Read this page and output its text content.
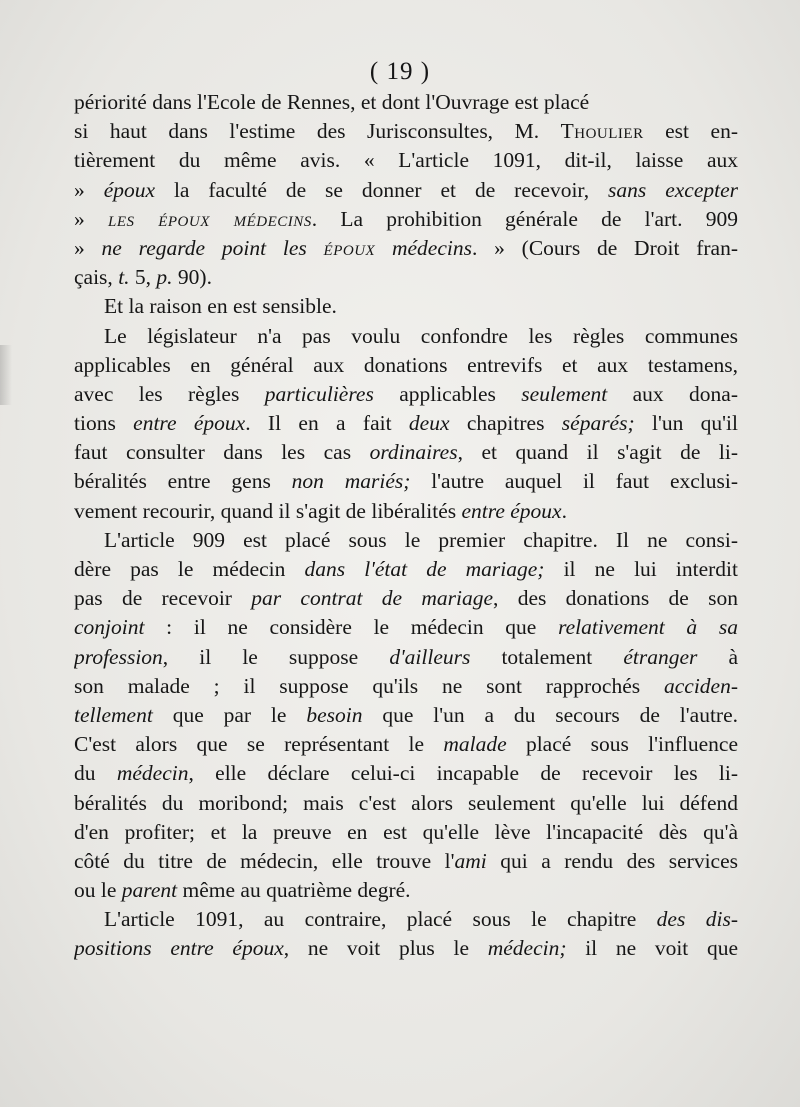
( 19 )
périorité dans l'Ecole de Rennes, et dont l'Ouvrage est placé
si haut dans l'estime des Jurisconsultes, M. Thoulier est en-
tièrement du même avis. « L'article 1091, dit-il, laisse aux
» époux la faculté de se donner et de recevoir, sans excepter
» les époux médecins. La prohibition générale de l'art. 909
» ne regarde point les époux médecins. » (Cours de Droit fran-
çais, t. 5, p. 90).
Et la raison en est sensible.
Le législateur n'a pas voulu confondre les règles communes
applicables en général aux donations entrevifs et aux testamens,
avec les règles particulières applicables seulement aux dona-
tions entre époux. Il en a fait deux chapitres séparés; l'un qu'il
faut consulter dans les cas ordinaires, et quand il s'agit de li-
béralités entre gens non mariés; l'autre auquel il faut exclusi-
vement recourir, quand il s'agit de libéralités entre époux.
L'article 909 est placé sous le premier chapitre. Il ne consi-
dère pas le médecin dans l'état de mariage; il ne lui interdit
pas de recevoir par contrat de mariage, des donations de son
conjoint : il ne considère le médecin que relativement à sa
profession, il le suppose d'ailleurs totalement étranger à
son malade ; il suppose qu'ils ne sont rapprochés acciden-
tellement que par le besoin que l'un a du secours de l'autre.
C'est alors que se représentant le malade placé sous l'influence
du médecin, elle déclare celui-ci incapable de recevoir les li-
béralités du moribond; mais c'est alors seulement qu'elle lui défend
d'en profiter; et la preuve en est qu'elle lève l'incapacité dès qu'à
côté du titre de médecin, elle trouve l'ami qui a rendu des services
ou le parent même au quatrième degré.
L'article 1091, au contraire, placé sous le chapitre des dis-
positions entre époux, ne voit plus le médecin; il ne voit que
